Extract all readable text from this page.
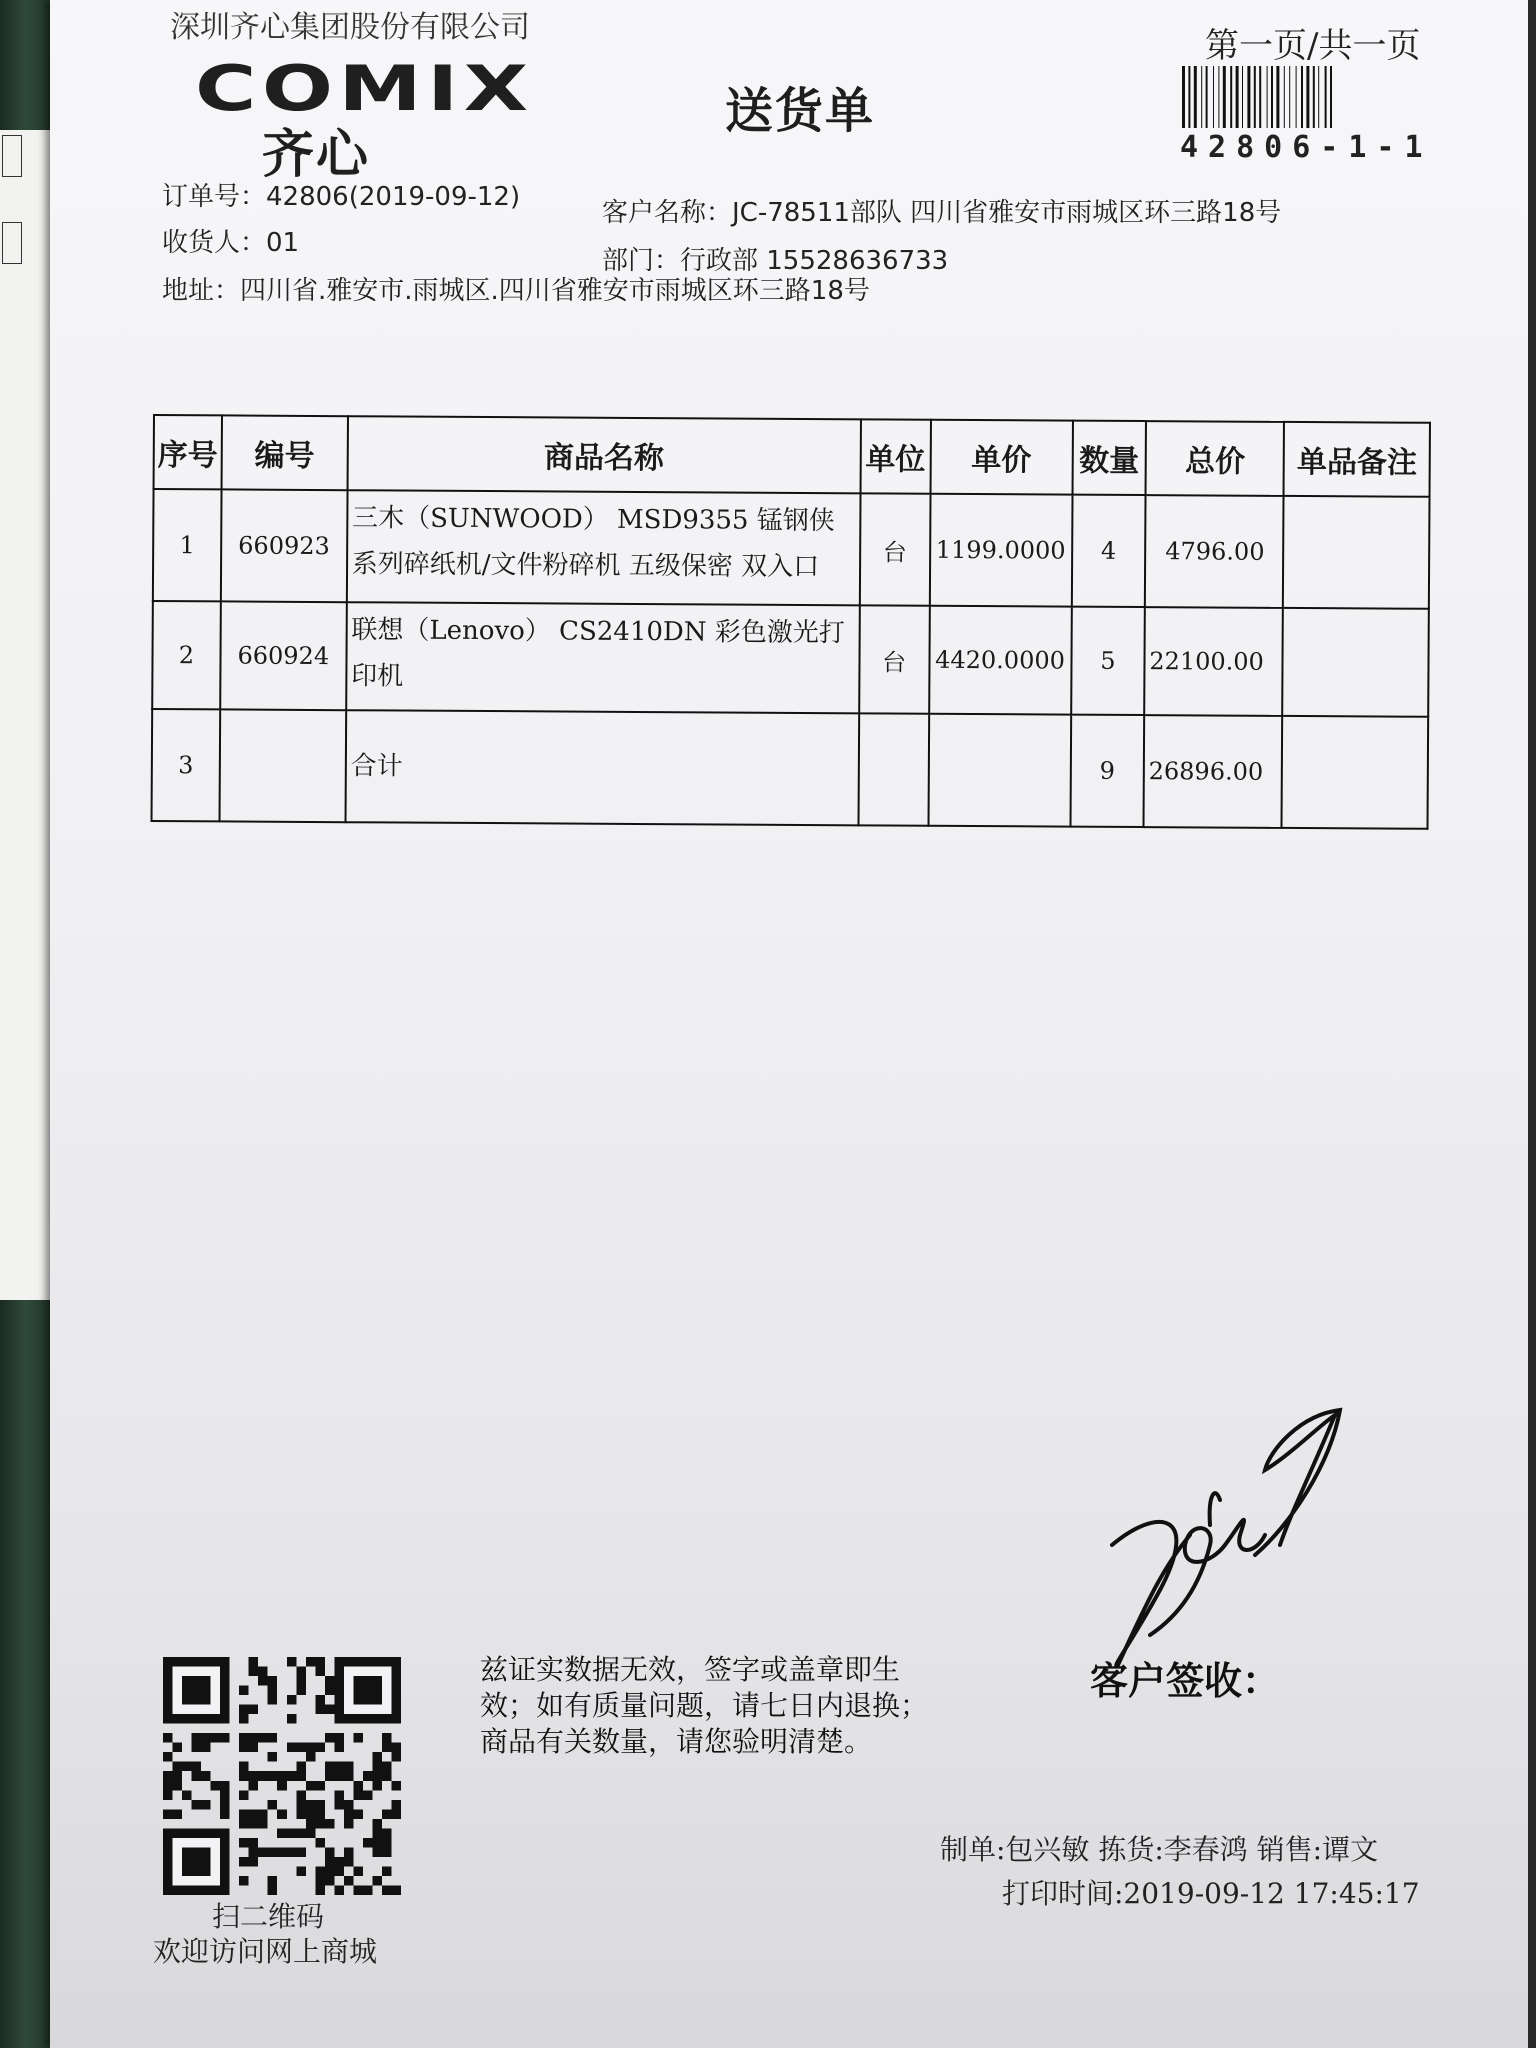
深圳齐心集团股份有限公司
COMIX
齐心
送货单
第一页/共一页
42806-1-1
订单号：42806(2019-09-12)
收货人：01
地址：四川省.雅安市.雨城区.四川省雅安市雨城区环三路18号
客户名称：JC-78511部队 四川省雅安市雨城区环三路18号
部门：行政部 15528636733
序号	编号	商品名称	单位	单价	数量	总价	单品备注
1	660923	三木（SUNWOOD） MSD9355 锰钢侠系列碎纸机/文件粉碎机 五级保密 双入口	台	1199.0000	4	4796.00	
2	660924	联想（Lenovo） CS2410DN 彩色激光打印机	台	4420.0000	5	22100.00	
3		合计			9	26896.00	
客户签收：
扫二维码
欢迎访问网上商城
兹证实数据无效，签字或盖章即生
效；如有质量问题，请七日内退换；
商品有关数量，请您验明清楚。
制单:包兴敏 拣货:李春鸿 销售:谭文
打印时间:2019-09-12 17:45:17
